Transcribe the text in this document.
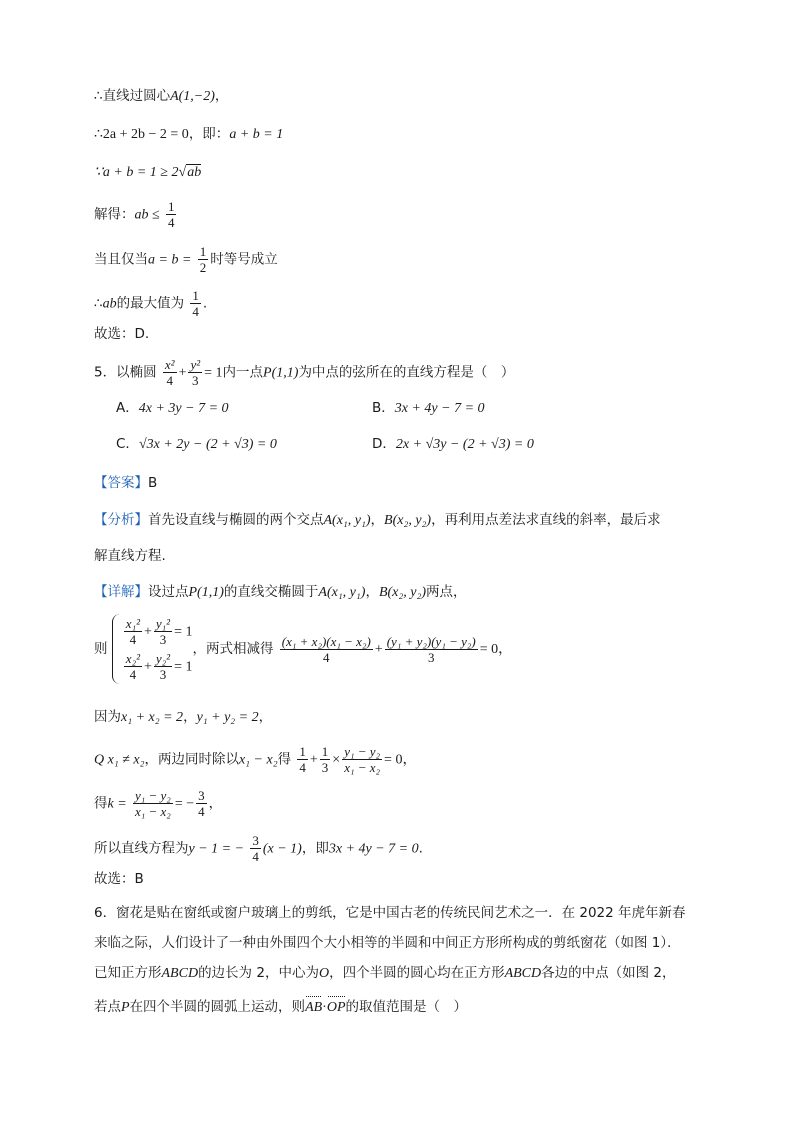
∴直线过圆心A(1,−2)，
∴2a + 2b − 2 = 0，即：a + b = 1
∵a + b = 1 ≥ 2√ab
解得：ab ≤ $\frac{1}{4}$
当且仅当$a = b = \frac{1}{2}$ 时等号成立
∴ab的最大值为 $\frac{1}{4}$ .
故选：D.
5．以椭圆 $\frac{\text{x²}}{4} + \frac{\text{y²}}{3} = 1$内一点P(1,1)为中点的弦所在的直线方程是（　）
A．4x + 3y − 7 = 0	B．3x + 4y − 7 = 0
C．√3x + 2y − (2 + √3) = 0	D．2x + √3y − (2 + √3) = 0
【答案】B
【分析】首先设直线与椭圆的两个交点A(x₁, y₁)，B(x₂, y₂)，再利用点差法求直线的斜率，最后求
解直线方程.
【详解】设过点P(1,1)的直线交椭圆于A(x₁, y₁)，B(x₂, y₂)两点，
则
$\frac{\text{x₁²}}{4} + \frac{\text{y₁²}}{3} = 1$
$\frac{\text{x₂²}}{4} + \frac{\text{y₂²}}{3} = 1$
，两式相减得 $\frac{\text{(x₁ + x₂)(x₁ − x₂)}}{4} + \frac{\text{(y₁ + y₂)(y₁ − y₂)}}{3} = 0$，
因为x₁ + x₂ = 2，y₁ + y₂ = 2，
Q x₁ ≠ x₂，两边同时除以x₁ − x₂得 $\frac{1}{4} + \frac{1}{3} \times \frac{\text{y₁ − y₂}}{\text{x₁ − x₂}} = 0$，
得$k = \frac{\text{y₁ − y₂}}{\text{x₁ − x₂}}$ = − $\frac{3}{4}$ ，
所以直线方程为y − 1 = − $\frac{3}{4} (x - 1)$，即3x + 4y − 7 = 0.
故选：B
6．窗花是贴在窗纸或窗户玻璃上的剪纸，它是中国古老的传统民间艺术之一．在 2022 年虎年新春
来临之际，人们设计了一种由外围四个大小相等的半圆和中间正方形所构成的剪纸窗花（如图 1）．
已知正方形ABCD的边长为 2，中心为O，四个半圆的圆心均在正方形ABCD各边的中点（如图 2，
若点P在四个半圆的圆弧上运动，则AB·OP的取值范围是（　）
